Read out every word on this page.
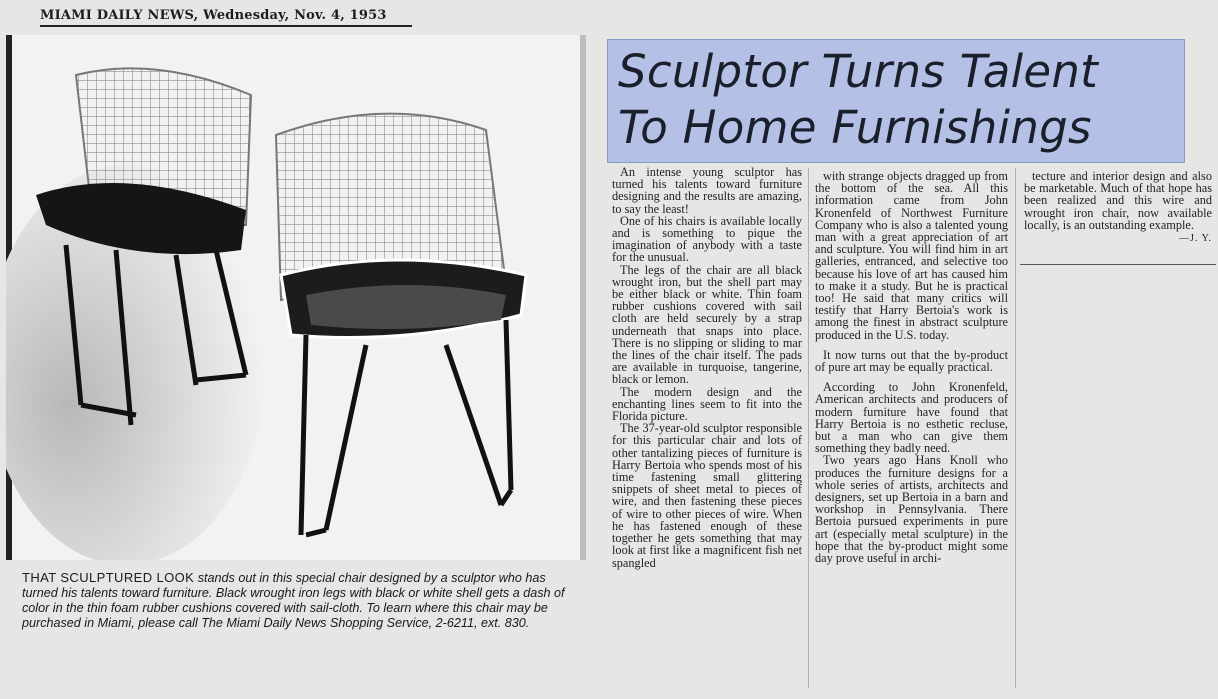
MIAMI DAILY NEWS, Wednesday, Nov. 4, 1953
THAT SCULPTURED LOOK stands out in this special chair designed by a sculptor who has turned his talents toward furniture. Black wrought iron legs with black or white shell gets a dash of color in the thin foam rubber cushions covered with sail-cloth. To learn where this chair may be purchased in Miami, please call The Miami Daily News Shopping Service, 2-6211, ext. 830.
Sculptor Turns Talent
To Home Furnishings

An intense young sculptor has turned his talents toward furniture designing and the results are amazing, to say the least!

One of his chairs is available locally and is something to pique the imagination of anybody with a taste for the unusual.

The legs of the chair are all black wrought iron, but the shell part may be either black or white. Thin foam rubber cushions covered with sail cloth are held securely by a strap underneath that snaps into place. There is no slipping or sliding to mar the lines of the chair itself. The pads are available in turquoise, tangerine, black or lemon.

The modern design and the enchanting lines seem to fit into the Florida picture.

The 37-year-old sculptor responsible for this particular chair and lots of other tantalizing pieces of furniture is Harry Bertoia who spends most of his time fastening small glittering snippets of sheet metal to pieces of wire, and then fastening these pieces of wire to other pieces of wire. When he has fastened enough of these together he gets something that may look at first like a magnificent fish net spangled

with strange objects dragged up from the bottom of the sea. All this information came from John Kronenfeld of Northwest Furniture Company who is also a talented young man with a great appreciation of art and sculpture. You will find him in art galleries, entranced, and selective too because his love of art has caused him to make it a study. But he is practical too! He said that many critics will testify that Harry Bertoia's work is among the finest in abstract sculpture produced in the U.S. today.

It now turns out that the by-product of pure art may be equally practical.

According to John Kronenfeld, American architects and producers of modern furniture have found that Harry Bertoia is no esthetic recluse, but a man who can give them something they badly need.

Two years ago Hans Knoll who produces the furniture designs for a whole series of artists, architects and designers, set up Bertoia in a barn and workshop in Pennsylvania. There Bertoia pursued experiments in pure art (especially metal sculpture) in the hope that the by-product might some day prove useful in archi-

tecture and interior design and also be marketable. Much of that hope has been realized and this wire and wrought iron chair, now available locally, is an outstanding example.

—J. Y.
